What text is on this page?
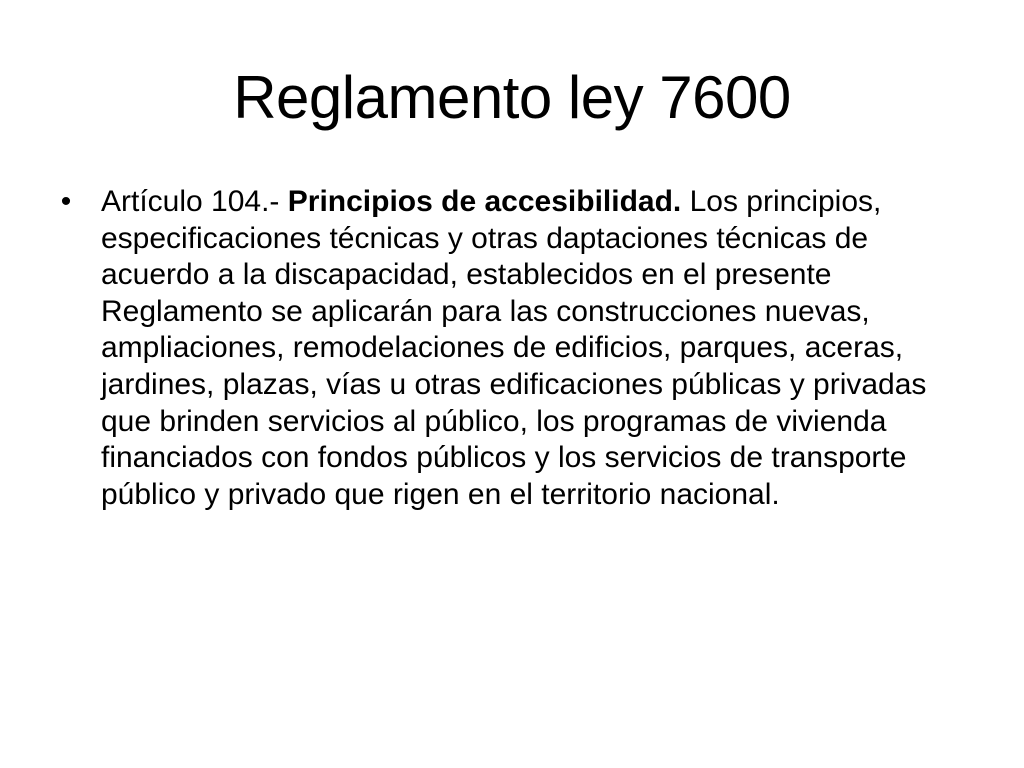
Reglamento ley 7600
• Artículo 104.- Principios de accesibilidad. Los principios, especificaciones técnicas y otras daptaciones técnicas de acuerdo a la discapacidad, establecidos en el presente Reglamento se aplicarán para las construcciones nuevas, ampliaciones, remodelaciones de edificios, parques, aceras, jardines, plazas, vías u otras edificaciones públicas y privadas que brinden servicios al público, los programas de vivienda financiados con fondos públicos y los servicios de transporte público y privado que rigen en el territorio nacional.
